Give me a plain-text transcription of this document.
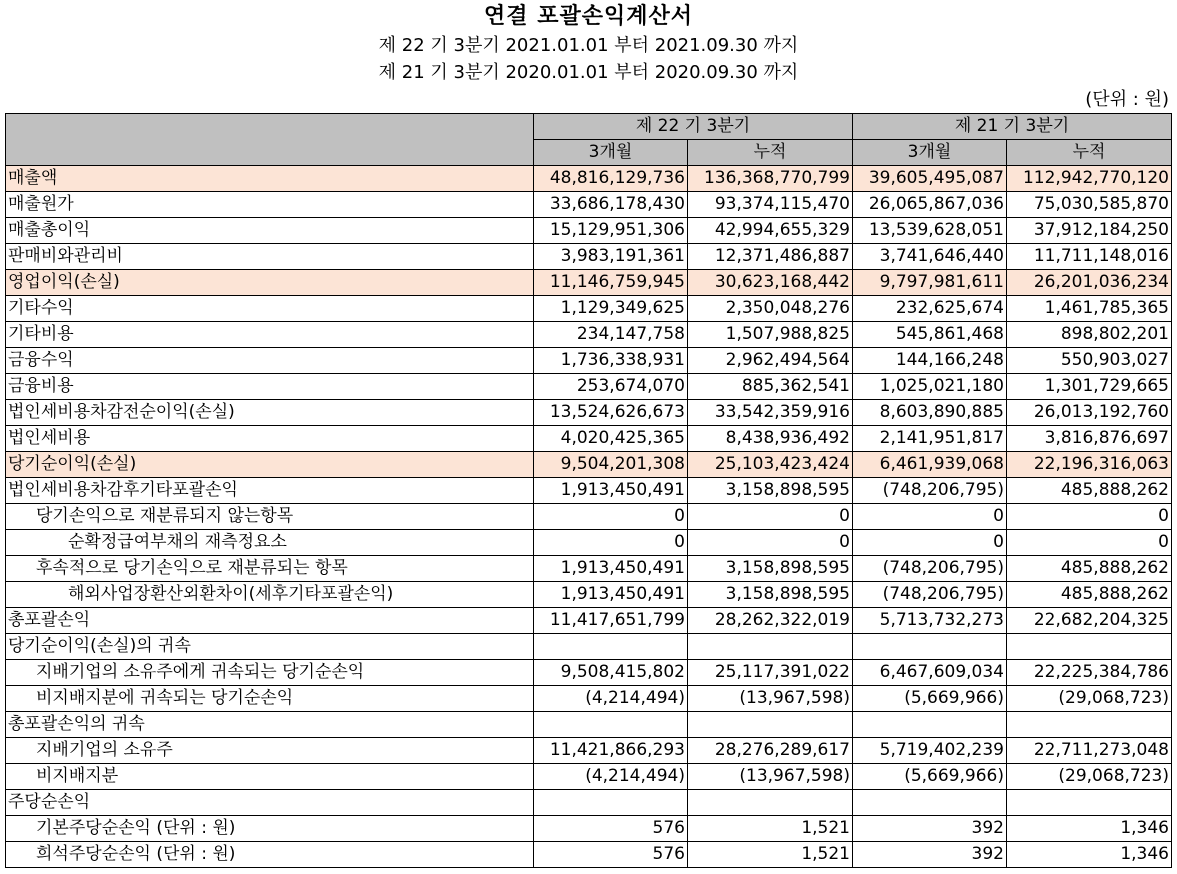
연결 포괄손익계산서
제 22 기 3분기 2021.01.01 부터 2021.09.30 까지
제 21 기 3분기 2020.01.01 부터 2020.09.30 까지
(단위 : 원)
	제 22 기 3분기		제 21 기 3분기	
	3개월	누적	3개월	누적
매출액	48,816,129,736	136,368,770,799	39,605,495,087	112,942,770,120
매출원가	33,686,178,430	93,374,115,470	26,065,867,036	75,030,585,870
매출총이익	15,129,951,306	42,994,655,329	13,539,628,051	37,912,184,250
판매비와관리비	3,983,191,361	12,371,486,887	3,741,646,440	11,711,148,016
영업이익(손실)	11,146,759,945	30,623,168,442	9,797,981,611	26,201,036,234
기타수익	1,129,349,625	2,350,048,276	232,625,674	1,461,785,365
기타비용	234,147,758	1,507,988,825	545,861,468	898,802,201
금융수익	1,736,338,931	2,962,494,564	144,166,248	550,903,027
금융비용	253,674,070	885,362,541	1,025,021,180	1,301,729,665
법인세비용차감전순이익(손실)	13,524,626,673	33,542,359,916	8,603,890,885	26,013,192,760
법인세비용	4,020,425,365	8,438,936,492	2,141,951,817	3,816,876,697
당기순이익(손실)	9,504,201,308	25,103,423,424	6,461,939,068	22,196,316,063
법인세비용차감후기타포괄손익	1,913,450,491	3,158,898,595	(748,206,795)	485,888,262
당기손익으로 재분류되지 않는항목	0	0	0	0
순확정급여부채의 재측정요소	0	0	0	0
후속적으로 당기손익으로 재분류되는 항목	1,913,450,491	3,158,898,595	(748,206,795)	485,888,262
해외사업장환산외환차이(세후기타포괄손익)	1,913,450,491	3,158,898,595	(748,206,795)	485,888,262
총포괄손익	11,417,651,799	28,262,322,019	5,713,732,273	22,682,204,325
당기순이익(손실)의 귀속				
지배기업의 소유주에게 귀속되는 당기순손익	9,508,415,802	25,117,391,022	6,467,609,034	22,225,384,786
비지배지분에 귀속되는 당기순손익	(4,214,494)	(13,967,598)	(5,669,966)	(29,068,723)
총포괄손익의 귀속				
지배기업의 소유주	11,421,866,293	28,276,289,617	5,719,402,239	22,711,273,048
비지배지분	(4,214,494)	(13,967,598)	(5,669,966)	(29,068,723)
주당순손익				
기본주당순손익 (단위 : 원)	576	1,521	392	1,346
희석주당순손익 (단위 : 원)	576	1,521	392	1,346
